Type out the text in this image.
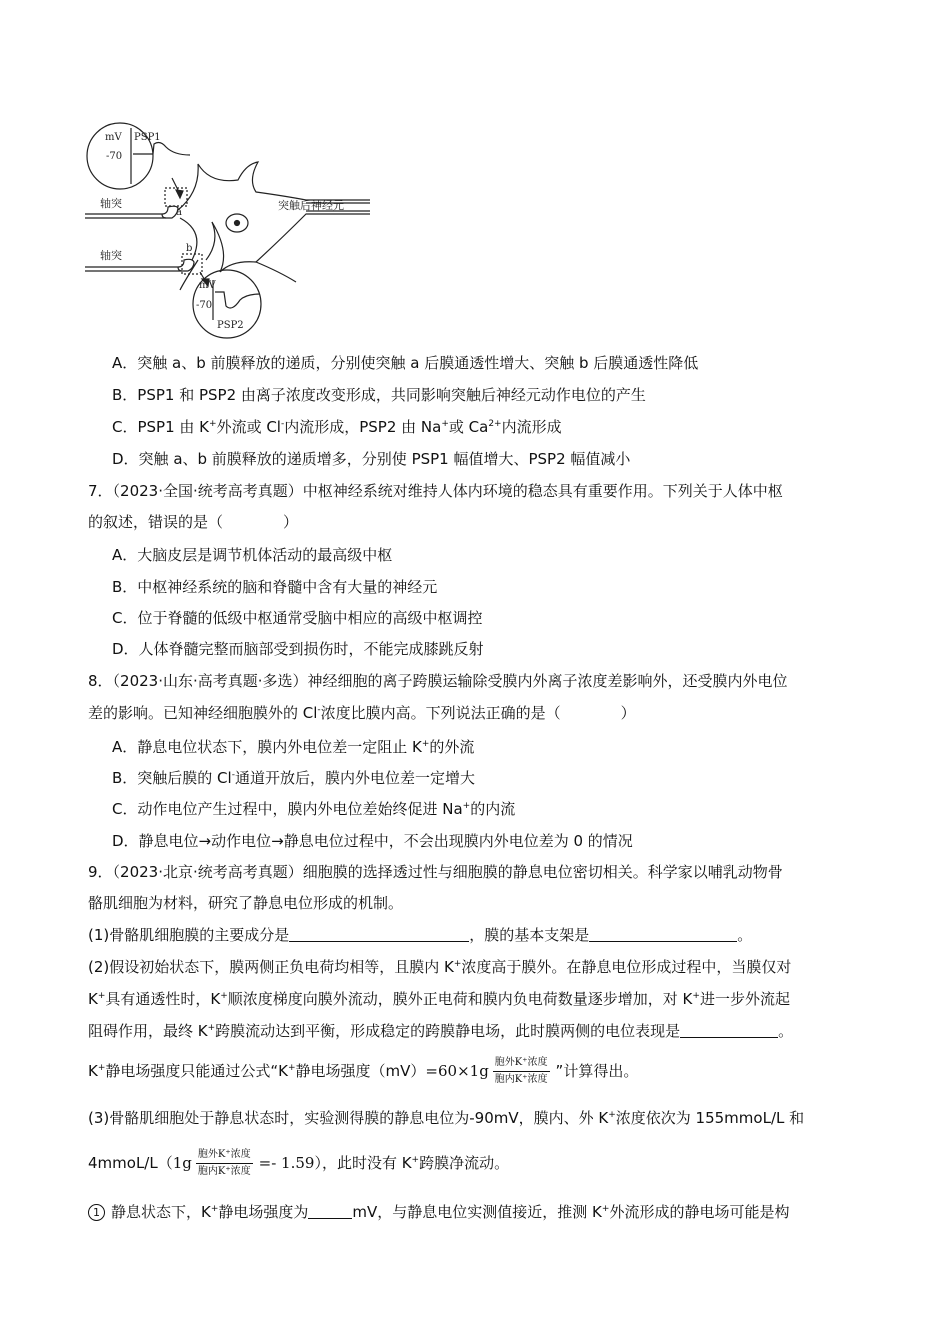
mV PSP1
-70
轴突
a
突触后神经元
轴突
b
mV
-70
PSP2
A．突触 a、b 前膜释放的递质，分别使突触 a 后膜通透性增大、突触 b 后膜通透性降低
B．PSP1 和 PSP2 由离子浓度改变形成，共同影响突触后神经元动作电位的产生
C．PSP1 由 K+外流或 Cl-内流形成，PSP2 由 Na+或 $Ca^{2+}$内流形成
D．突触 a、b 前膜释放的递质增多，分别使 PSP1 幅值增大、PSP2 幅值减小
7．（2023·全国·统考高考真题）中枢神经系统对维持人体内环境的稳态具有重要作用。下列关于人体中枢
的叙述，错误的是（　　　　）
A．大脑皮层是调节机体活动的最高级中枢
B．中枢神经系统的脑和脊髓中含有大量的神经元
C．位于脊髓的低级中枢通常受脑中相应的高级中枢调控
D．人体脊髓完整而脑部受到损伤时，不能完成膝跳反射
8．（2023·山东·高考真题·多选）神经细胞的离子跨膜运输除受膜内外离子浓度差影响外，还受膜内外电位
差的影响。已知神经细胞膜外的 Cl-浓度比膜内高。下列说法正确的是（　　　　）
A．静息电位状态下，膜内外电位差一定阻止 K+的外流
B．突触后膜的 Cl-通道开放后，膜内外电位差一定增大
C．动作电位产生过程中，膜内外电位差始终促进 Na+的内流
D．静息电位→动作电位→静息电位过程中，不会出现膜内外电位差为 0 的情况
9．（2023·北京·统考高考真题）细胞膜的选择透过性与细胞膜的静息电位密切相关。科学家以哺乳动物骨
骼肌细胞为材料，研究了静息电位形成的机制。
(1)骨骼肌细胞膜的主要成分是	，膜的基本支架是	。
(2)假设初始状态下，膜两侧正负电荷均相等，且膜内 K+浓度高于膜外。在静息电位形成过程中，当膜仅对
K+具有通透性时，K+顺浓度梯度向膜外流动，膜外正电荷和膜内负电荷数量逐步增加，对 K+进一步外流起
阻碍作用，最终 K+跨膜流动达到平衡，形成稳定的跨膜静电场，此时膜两侧的电位表现是	。
K+静电场强度只能通过公式“K+静电场强度$(mV)=60\times 1g \frac{\text{胞外K⁺浓度}}{\text{胞内K⁺浓度}}$ ”计算得出。
(3)骨骼肌细胞处于静息状态时，实验测得膜的静息电位为-90mV，膜内、外 K+浓度依次为 155mmoL/L 和
4mmoL/L（1g $\frac{\text{胞外K⁺浓度}}{\text{胞内K⁺浓度}} =- 1.59$），此时没有 K+跨膜净流动。
1 静息状态下，K+静电场强度为	mV，与静息电位实测值接近，推测 K+外流形成的静电场可能是构
